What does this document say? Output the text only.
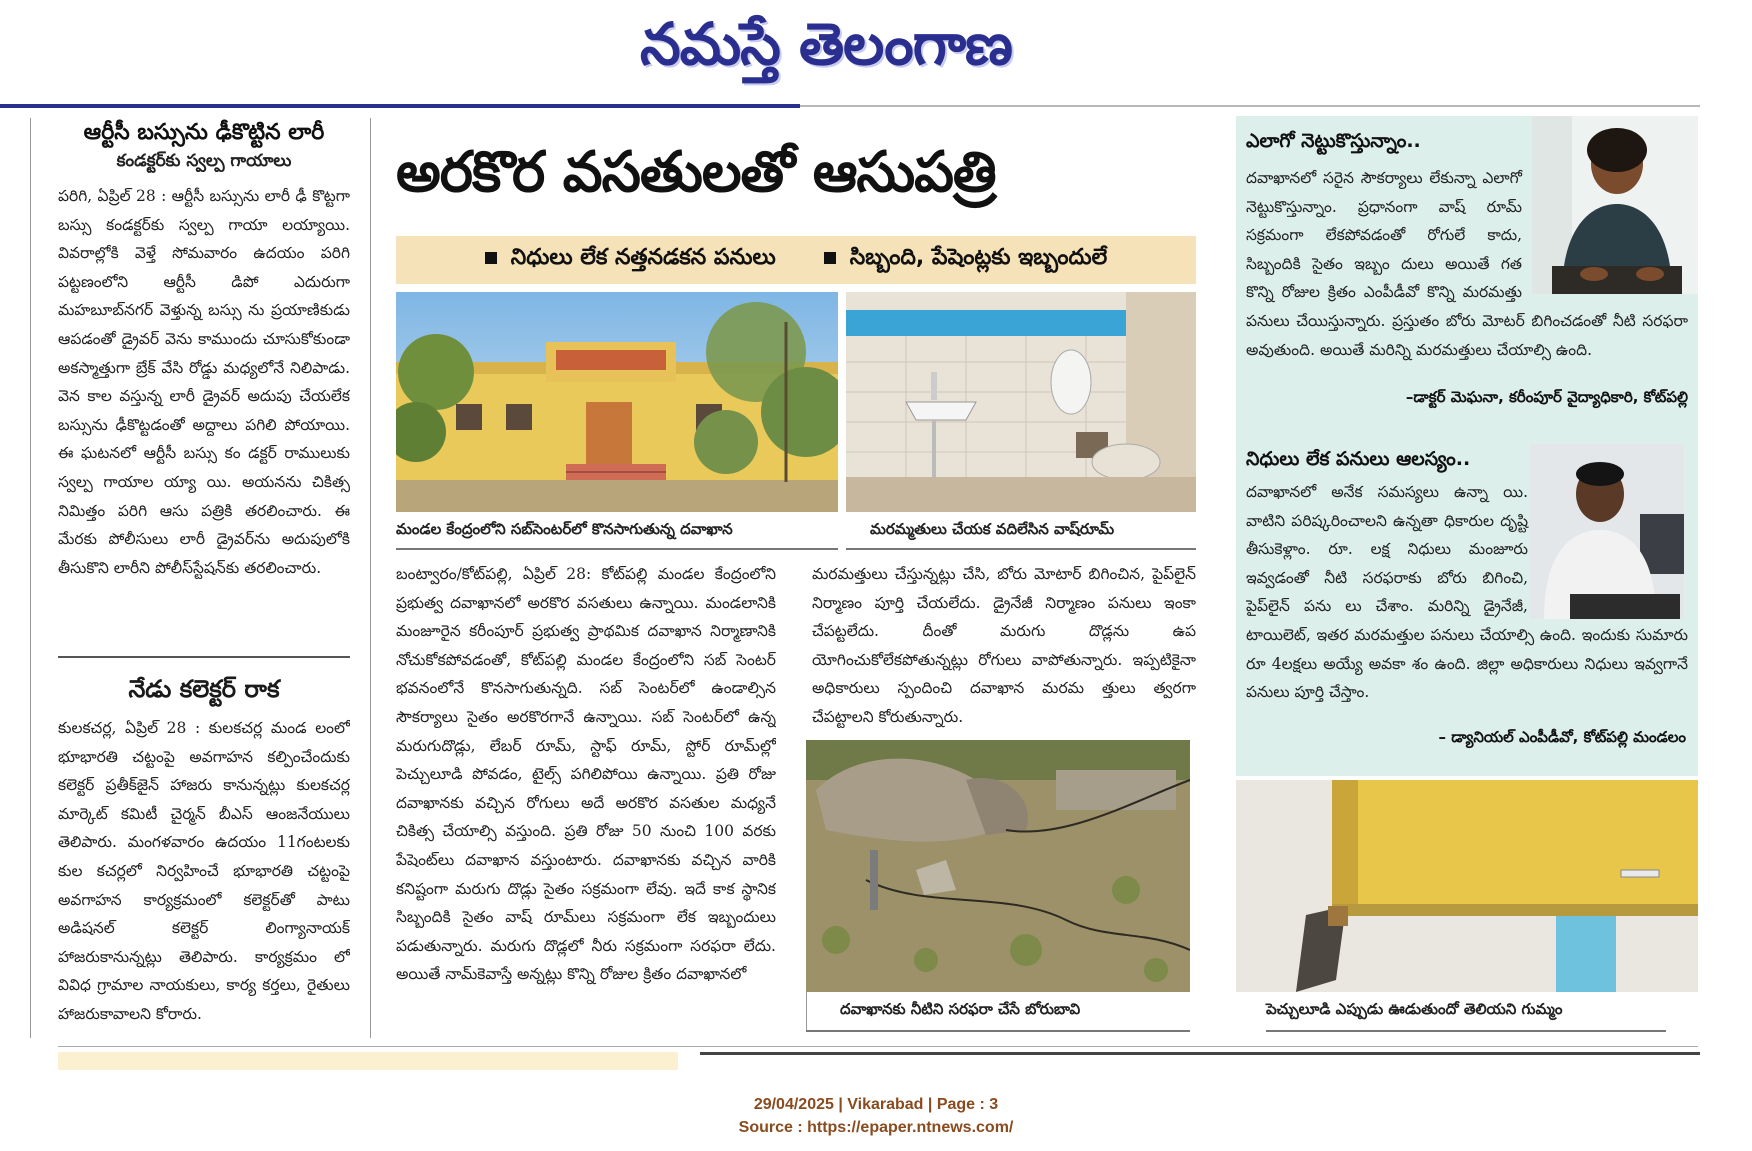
నమస్తే తెలంగాణ
ఆర్టీసీ బస్సును ఢీకొట్టిన లారీ
కండక్టర్‌కు స్వల్ప గాయాలు
పరిగి, ఏప్రిల్ 28 : ఆర్టీసీ బస్సును లారీ ఢీ కొట్టగా బస్సు కండక్టర్‌కు స్వల్ప గాయా లయ్యాయి. వివరాల్లోకి వెళ్తే సోమవారం ఉదయం పరిగి పట్టణంలోని ఆర్టీసీ డిపో ఎదురుగా మహబూబ్‌నగర్ వెళ్తున్న బస్సు ను ప్రయాణికుడు ఆపడంతో డ్రైవర్ వెను కాముందు చూసుకోకుండా అకస్మాత్తుగా బ్రేక్ వేసి రోడ్డు మధ్యలోనే నిలిపాడు. వెన కాల వస్తున్న లారీ డ్రైవర్ అదుపు చేయలేక బస్సును ఢీకొట్టడంతో అద్దాలు పగిలి పోయాయి. ఈ ఘటనలో ఆర్టీసీ బస్సు కం డక్టర్ రాములుకు స్వల్ప గాయాల య్యా యి. అయనను చికిత్స నిమిత్తం పరిగి ఆసు పత్రికి తరలించారు. ఈ మేరకు పోలీసులు లారీ డ్రైవర్‌ను అదుపులోకి తీసుకొని లారీని పోలీస్‌స్టేషన్‌కు తరలించారు.
నేడు కలెక్టర్ రాక
కులకచర్ల, ఏప్రిల్ 28 : కులకచర్ల మండ లంలో భూభారతి చట్టంపై అవగాహన కల్పించేందుకు కలెక్టర్ ప్రతీక్‌జైన్ హాజరు కానున్నట్లు కులకచర్ల మార్కెట్ కమిటీ చైర్మన్ బీఎస్ ఆంజనేయులు తెలిపారు. మంగళవారం ఉదయం 11గంటలకు కుల కచర్లలో నిర్వహించే భూభారతి చట్టంపై అవగాహన కార్యక్రమంలో కలెక్టర్‌తో పాటు అడిషనల్ కలెక్టర్ లింగ్యానాయక్ హాజరుకానున్నట్లు తెలిపారు. కార్యక్రమం లో వివిధ గ్రామాల నాయకులు, కార్య కర్తలు, రైతులు హాజరుకావాలని కోరారు.
అరకొర వసతులతో ఆసుపత్రి
నిధులు లేక నత్తనడకన పనులు	సిబ్బంది, పేషెంట్లకు ఇబ్బందులే
మండల కేంద్రంలోని సబ్‌సెంటర్‌లో కొనసాగుతున్న దవాఖాన	మరమ్మతులు చేయక వదిలేసిన వాష్‌రూమ్
బంట్వారం/కోట్‌పల్లి, ఏప్రిల్ 28: కోట్‌పల్లి మండల కేంద్రంలోని ప్రభుత్వ దవాఖానలో అరకొర వసతులు ఉన్నాయి. మండలానికి మంజూరైన కరీంపూర్ ప్రభుత్వ ప్రాథమిక దవాఖాన నిర్మాణానికి నోచుకోకపోవడంతో, కోట్‌పల్లి మండల కేంద్రంలోని సబ్ సెంటర్ భవనంలోనే కొనసాగుతున్నది. సబ్ సెంటర్‌లో ఉండాల్సిన సౌకర్యాలు సైతం అరకొరగానే ఉన్నాయి. సబ్ సెంటర్‌లో ఉన్న మరుగుదొడ్లు, లేబర్ రూమ్, స్టాఫ్ రూమ్, స్టోర్ రూమ్‌ల్లో పెచ్చులూడి పోవడం, టైల్స్ పగిలిపోయి ఉన్నాయి. ప్రతి రోజు దవాఖానకు వచ్చిన రోగులు అదే అరకొర వసతుల మధ్యనే చికిత్స చేయాల్సి వస్తుంది. ప్రతి రోజు 50 నుంచి 100 వరకు పేషెంట్‌లు దవాఖాన వస్తుంటారు. దవాఖానకు వచ్చిన వారికి కనిష్టంగా మరుగు దొడ్లు సైతం సక్రమంగా లేవు. ఇదే కాక స్థానిక సిబ్బందికి సైతం వాష్ రూమ్‌లు సక్రమంగా లేక ఇబ్బందులు పడుతున్నారు. మరుగు దొడ్లలో నీరు సక్రమంగా సరఫరా లేదు. అయితే నామ్‌కెవాస్తే అన్నట్లు కొన్ని రోజుల క్రితం దవాఖానలో
మరమత్తులు చేస్తున్నట్లు చేసి, బోరు మోటార్ బిగించిన, పైప్‌లైన్ నిర్మాణం పూర్తి చేయలేదు. డ్రైనేజీ నిర్మాణం పనులు ఇంకా చేపట్టలేదు. దీంతో మరుగు దొడ్లను ఉప యోగించుకోలేకపోతున్నట్లు రోగులు వాపోతున్నారు. ఇప్పటికైనా అధికారులు స్పందించి దవాఖాన మరమ త్తులు త్వరగా చేపట్టాలని కోరుతున్నారు.
దవాఖానకు నీటిని సరఫరా చేసే బోరుబావి
ఎలాగో నెట్టుకొస్తున్నాం..
దవాఖానలో సరైన సౌకర్యాలు లేకున్నా ఎలాగో నెట్టుకొస్తున్నాం. ప్రధానంగా వాష్ రూమ్ సక్రమంగా లేకపోవడంతో రోగులే కాదు, సిబ్బందికి సైతం ఇబ్బం దులు అయితే గత కొన్ని రోజుల క్రితం ఎంపీడీవో కొన్ని మరమత్తు పనులు చేయిస్తున్నారు. ప్రస్తుతం బోరు మోటర్ బిగించడంతో నీటి సరఫరా అవుతుంది. అయితే మరిన్ని మరమత్తులు చేయాల్సి ఉంది.
–డాక్టర్ మెఘనా, కరీంపూర్ వైద్యాధికారి, కోట్‌పల్లి
నిధులు లేక పనులు ఆలస్యం..
దవాఖానలో అనేక సమస్యలు ఉన్నా యి. వాటిని పరిష్కరించాలని ఉన్నతా ధికారుల దృష్టి తీసుకెళ్లాం. రూ. లక్ష నిధులు మంజూరు ఇవ్వడంతో నీటి సరఫరాకు బోరు బిగించి, పైప్‌లైన్ పను లు చేశాం. మరిన్ని డ్రైనేజీ, టాయిలెట్, ఇతర మరమత్తుల పనులు చేయాల్సి ఉంది. ఇందుకు సుమారు రూ 4లక్షలు అయ్యే అవకా శం ఉంది. జిల్లా అధికారులు నిధులు ఇవ్వగానే పనులు పూర్తి చేస్తాం.
– డ్యానియల్ ఎంపీడీవో, కోట్‌పల్లి మండలం
పెచ్చులూడి ఎప్పుడు ఊడుతుందో తెలియని గుమ్మం
29/04/2025 | Vikarabad | Page : 3
Source : https://epaper.ntnews.com/
